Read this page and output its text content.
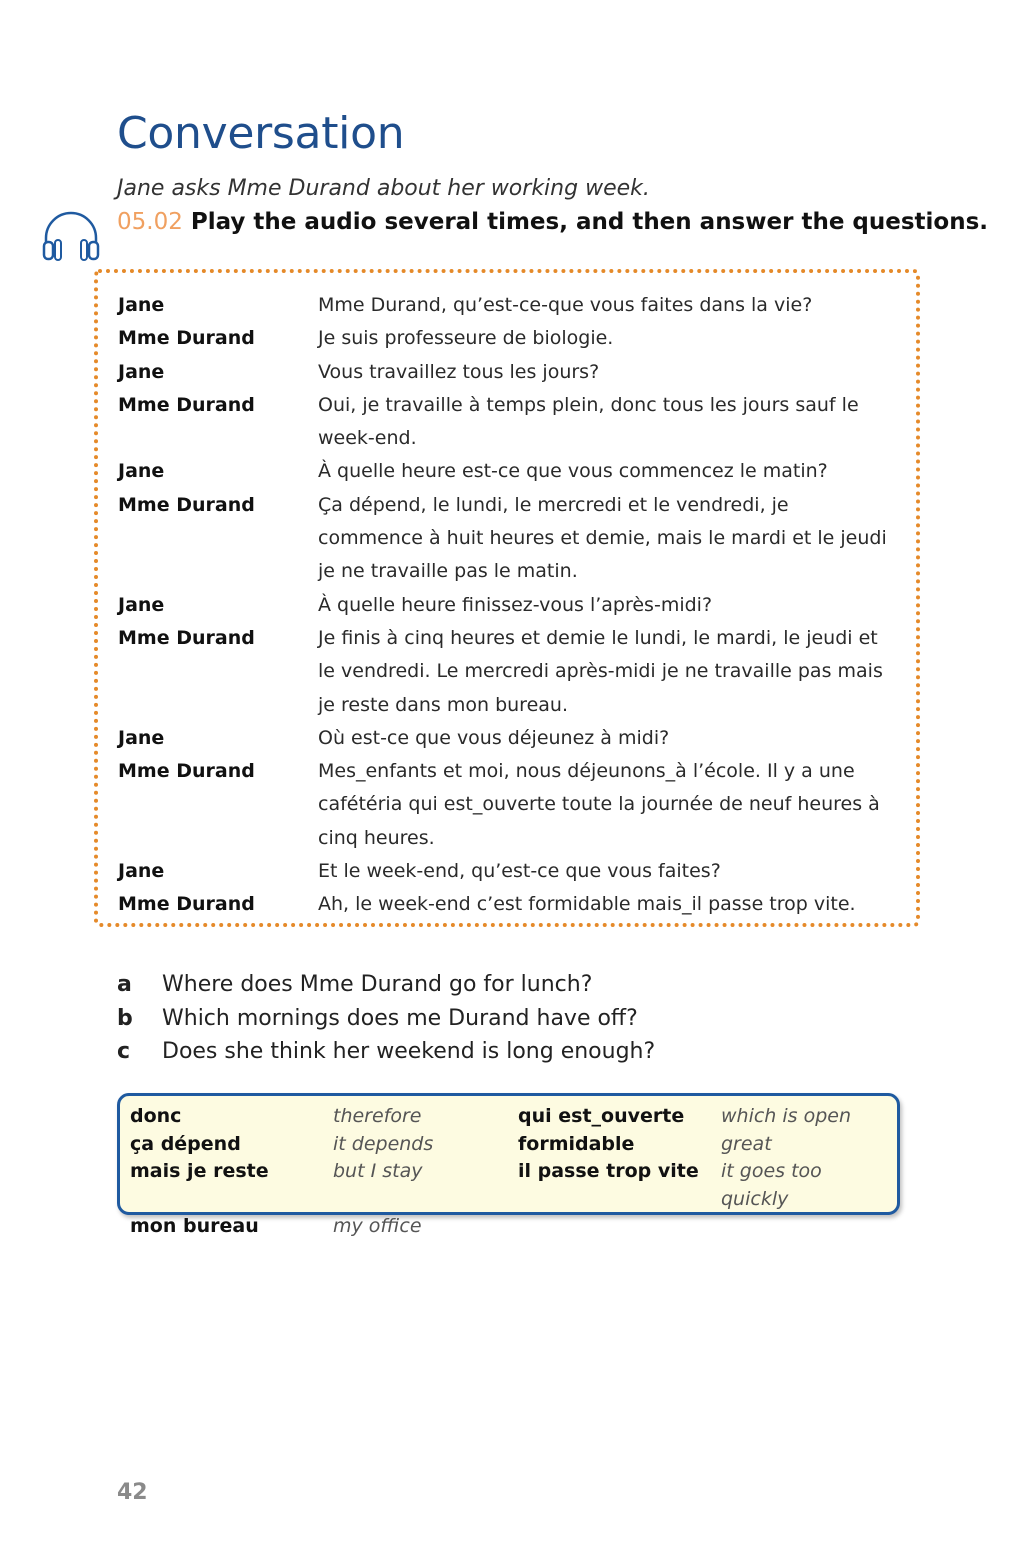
Conversation
Jane asks Mme Durand about her working week.
05.02 Play the audio several times, and then answer the questions.
Jane	Mme Durand, qu’est-ce-que vous faites dans la vie?
Mme Durand	Je suis professeure de biologie.
Jane	Vous travaillez tous les jours?
Mme Durand	Oui, je travaille à temps plein, donc tous les jours sauf le week-end.
Jane	À quelle heure est-ce que vous commencez le matin?
Mme Durand	Ça dépend, le lundi, le mercredi et le vendredi, je commence à huit heures et demie, mais le mardi et le jeudi je ne travaille pas le matin.
Jane	À quelle heure finissez-vous l’après-midi?
Mme Durand	Je finis à cinq heures et demie le lundi, le mardi, le jeudi et le vendredi. Le mercredi après-midi je ne travaille pas mais je reste dans mon bureau.
Jane	Où est-ce que vous déjeunez à midi?
Mme Durand	Mes_enfants et moi, nous déjeunons_à l’école. Il y a une cafétéria qui est_ouverte toute la journée de neuf heures à cinq heures.
Jane	Et le week-end, qu’est-ce que vous faites?
Mme Durand	Ah, le week-end c’est formidable mais_il passe trop vite.
a	Where does Mme Durand go for lunch?
b	Which mornings does me Durand have off?
c	Does she think her weekend is long enough?
donc	therefore	qui est_ouverte	which is open
ça dépend	it depends	formidable	great
mais je reste	but I stay	il passe trop vite	it goes too quickly
mon bureau	my office
42
